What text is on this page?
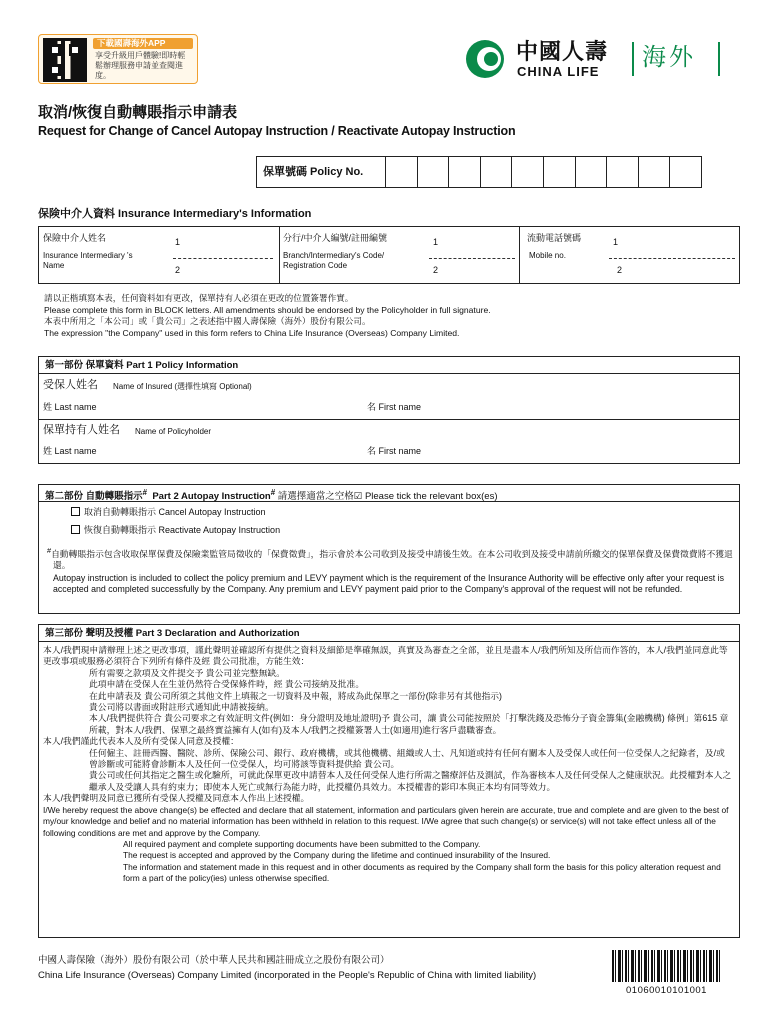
下載國壽海外APP
享受升級用戶體驗!即時輕鬆辦理服務申請並查閱進度。
中國人壽
CHINA LIFE
海外
取消/恢復自動轉賬指示申請表
Request for Change of Cancel Autopay Instruction / Reactivate Autopay Instruction
保單號碼 Policy No.
保険中介人資料 Insurance Intermediary's Information
保險中介人姓名
Insurance Intermediary 's Name
1
2
分行/中介人編號/註冊編號
Branch/Intermediary's Code/ Registration Code
1
2
流動電話號碼
Mobile no.
1
2
請以正楷填寫本表，任何資料如有更改，保單持有人必須在更改的位置簽署作實。
Please complete this form in BLOCK letters. All amendments should be endorsed by the Policyholder in full signature.
本表中所用之「本公司」或「貴公司」之表述指中國人壽保險（海外）股份有限公司。
The expression "the Company" used in this form refers to China Life Insurance (Overseas) Company Limited.
第一部份 保單資料 Part 1 Policy Information
受保人姓名 Name of Insured (選擇性填寫 Optional)
姓 Last name	名 First name
保單持有人姓名 Name of Policyholder
姓 Last name	名 First name
第二部份 自動轉賬指示# Part 2 Autopay Instruction# 請選擇適當之空格☑ Please tick the relevant box(es)
取消自動轉賬指示 Cancel Autopay Instruction
恢復自動轉賬指示 Reactivate Autopay Instruction
#自動轉賬指示包含收取保單保費及保險業監管局徵收的「保費徵費」，指示會於本公司收到及接受申請後生效。在本公司收到及接受申請前所繳交的保單保費及保費徵費將不獲退還。
Autopay instruction is included to collect the policy premium and LEVY payment which is the requirement of the Insurance Authority will be effective only after your request is accepted and completed successfully by the Company. Any premium and LEVY payment paid prior to the Company's approval of the request will not be refunded.
第三部份 聲明及授權 Part 3 Declaration and Authorization
本人/我們現申請辦理上述之更改事項，謹此聲明並確認所有提供之資料及細節是準確無誤，真實及為審查之全部，並且是盡本人/我們所知及所信而作答的，本人/我們並同意此等更改事項或服務必須符合下列所有條件及經 貴公司批准，方能生效：
所有需要之款項及文件提交予 貴公司並完整無缺。
此項申請在受保人在生並仍然符合受保條件時，經 貴公司接納及批准。
在此申請表及 貴公司所須之其他文件上填報之一切資料及申報，將成為此保單之一部份(除非另有其他指示)
貴公司將以書面或附註形式通知此申請被接納。
本人/我們提供符合 貴公司要求之有效証明文件(例如：身分證明及地址證明)予 貴公司，讓 貴公司能按照於「打擊洗錢及恐怖分子資金籌集(金融機構) 條例」第615 章所載，對本人/我們、保單之最終實益擁有人(如有)及本人/我們之授權簽署人士(如適用)進行客戶盡職審查。
本人/我們謹此代表本人及所有受保人同意及授權：
任何僱主、註冊西醫、醫院、診所、保險公司、銀行、政府機構，或其他機構、組織或人士、凡知道或持有任何有關本人及受保人或任何一位受保人之紀錄者，及/或曾診斷或可能將會診斷本人及任何一位受保人，均可將該等資料提供給 貴公司。
貴公司或任何其指定之醫生或化驗所，可就此保單更改申請替本人及任何受保人進行所需之醫療評估及測試，作為審核本人及任何受保人之健康狀況。此授權對本人之繼承人及受讓人具有約束力；即使本人死亡或無行為能力時，此授權仍具效力。本授權書的影印本與正本均有同等效力。
本人/我們聲明及同意已獲所有受保人授權及同意本人作出上述授權。
I/We hereby request the above change(s) be effected and declare that all statement, information and particulars given herein are accurate, true and complete and are given to the best of my/our knowledge and belief and no material information has been withheld in relation to this request. I/We agree that such change(s) or service(s) will not take effect unless all of the following conditions are met and approve by the Company.
All required payment and complete supporting documents have been submitted to the Company.
The request is accepted and approved by the Company during the lifetime and continued insurability of the Insured.
The information and statement made in this request and in other documents as required by the Company shall form the basis for this policy alteration request and form a part of the policy(ies) unless otherwise specified.
中國人壽保險（海外）股份有限公司（於中華人民共和國註冊成立之股份有限公司）
China Life Insurance (Overseas) Company Limited (incorporated in the People's Republic of China with limited liability)
01060010101001
